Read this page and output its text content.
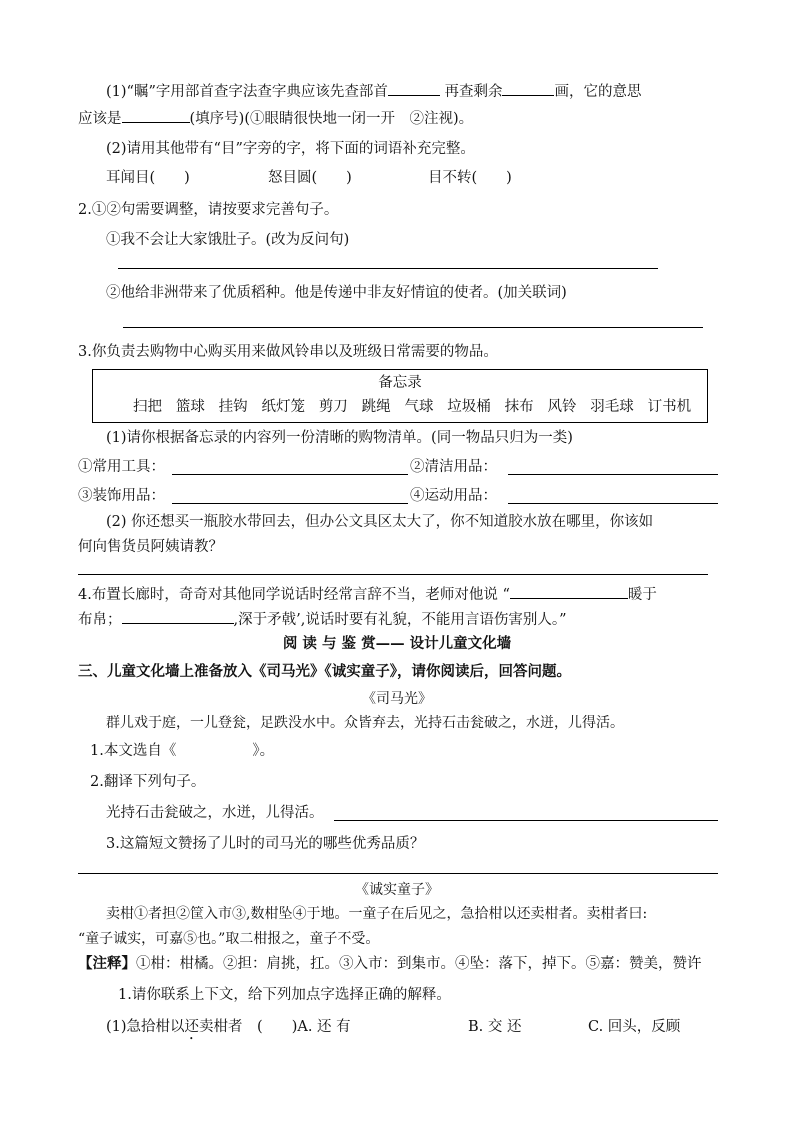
(1)“瞩”字用部首查字法查字典应该先查部首	再查剩余	画，它的意思
应该是	(填序号)(①眼睛很快地一闭一开　②注视)。
(2)请用其他带有“目”字旁的字，将下面的词语补充完整。
耳闻目(　　)	怒目圆(　　)	目不转(　　)
2.①②句需要调整，请按要求完善句子。
①我不会让大家饿肚子。(改为反问句)
②他给非洲带来了优质稻种。他是传递中非友好情谊的使者。(加关联词)
3.你负责去购物中心购买用来做风铃串以及班级日常需要的物品。
备忘录
扫把 篮球 挂钩 纸灯笼 剪刀 跳绳 气球 垃圾桶 抹布 风铃 羽毛球 订书机
(1)请你根据备忘录的内容列一份清晰的购物清单。(同一物品只归为一类)
①常用工具：	②清洁用品：
③装饰用品：	④运动用品：
(2) 你还想买一瓶胶水带回去，但办公文具区太大了，你不知道胶水放在哪里，你该如
何向售货员阿姨请教？
4.布置长廊时，奇奇对其他同学说话时经常言辞不当，老师对他说 “	暖于
布帛；	,深于矛戟’,说话时要有礼貌，不能用言语伤害别人。”
阅 读 与 鉴 赏—— 设计儿童文化墙
三、儿童文化墙上准备放入《司马光》《诚实童子》，请你阅读后，回答问题。
《司马光》
群儿戏于庭，一儿登瓮，足跌没水中。众皆弃去，光持石击瓮破之，水迸，儿得活。
1.本文选自《	》。
2.翻译下列句子。
光持石击瓮破之，水迸，儿得活。
3.这篇短文赞扬了儿时的司马光的哪些优秀品质？
《诚实童子》
卖柑①者担②筐入市③,数柑坠④于地。一童子在后见之，急拾柑以还卖柑者。卖柑者曰:
“童子诚实，可嘉⑤也。”取二柑报之，童子不受。
【注释】①柑：柑橘。②担：肩挑，扛。③入市：到集市。④坠：落下，掉下。⑤嘉：赞美，赞许
1.请你联系上下文，给下列加点字选择正确的解释。
(1)急拾柑以还卖柑者　(　　)A. 还 有	B. 交 还	C. 回头，反顾
